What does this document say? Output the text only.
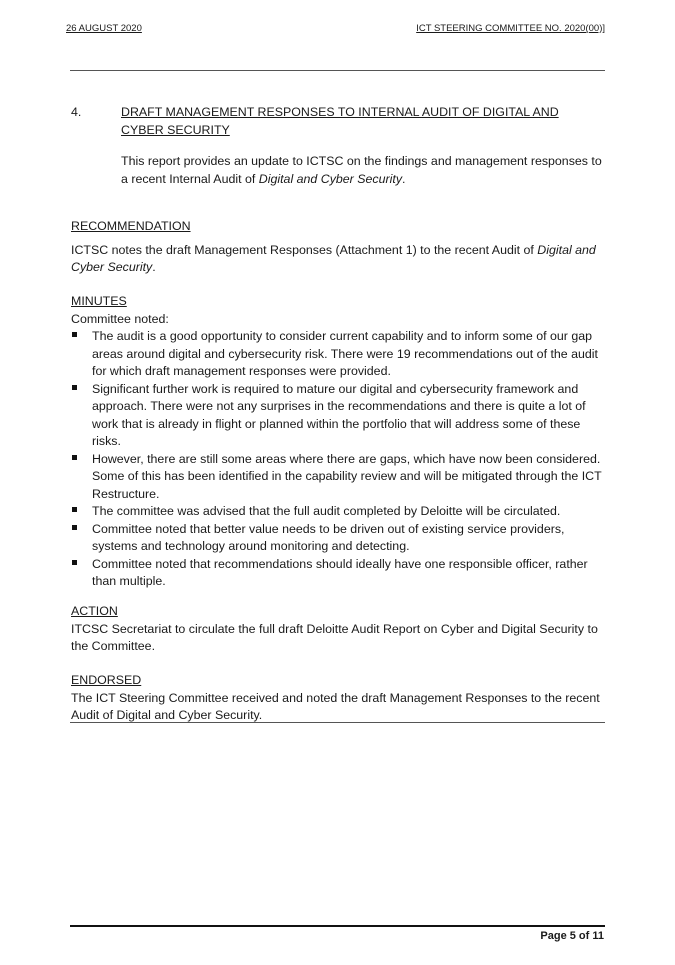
26 AUGUST 2020	ICT STEERING COMMITTEE NO. 2020(00)]
4.	DRAFT MANAGEMENT RESPONSES TO INTERNAL AUDIT OF DIGITAL AND CYBER SECURITY
This report provides an update to ICTSC on the findings and management responses to a recent Internal Audit of Digital and Cyber Security.
RECOMMENDATION
ICTSC notes the draft Management Responses (Attachment 1) to the recent Audit of Digital and Cyber Security.
MINUTES
Committee noted:
The audit is a good opportunity to consider current capability and to inform some of our gap areas around digital and cybersecurity risk. There were 19 recommendations out of the audit for which draft management responses were provided.
Significant further work is required to mature our digital and cybersecurity framework and approach. There were not any surprises in the recommendations and there is quite a lot of work that is already in flight or planned within the portfolio that will address some of these risks.
However, there are still some areas where there are gaps, which have now been considered. Some of this has been identified in the capability review and will be mitigated through the ICT Restructure.
The committee was advised that the full audit completed by Deloitte will be circulated.
Committee noted that better value needs to be driven out of existing service providers, systems and technology around monitoring and detecting.
Committee noted that recommendations should ideally have one responsible officer, rather than multiple.
ACTION
ITCSC Secretariat to circulate the full draft Deloitte Audit Report on Cyber and Digital Security to the Committee.
ENDORSED
The ICT Steering Committee received and noted the draft Management Responses to the recent Audit of Digital and Cyber Security.
Page 5 of 11
